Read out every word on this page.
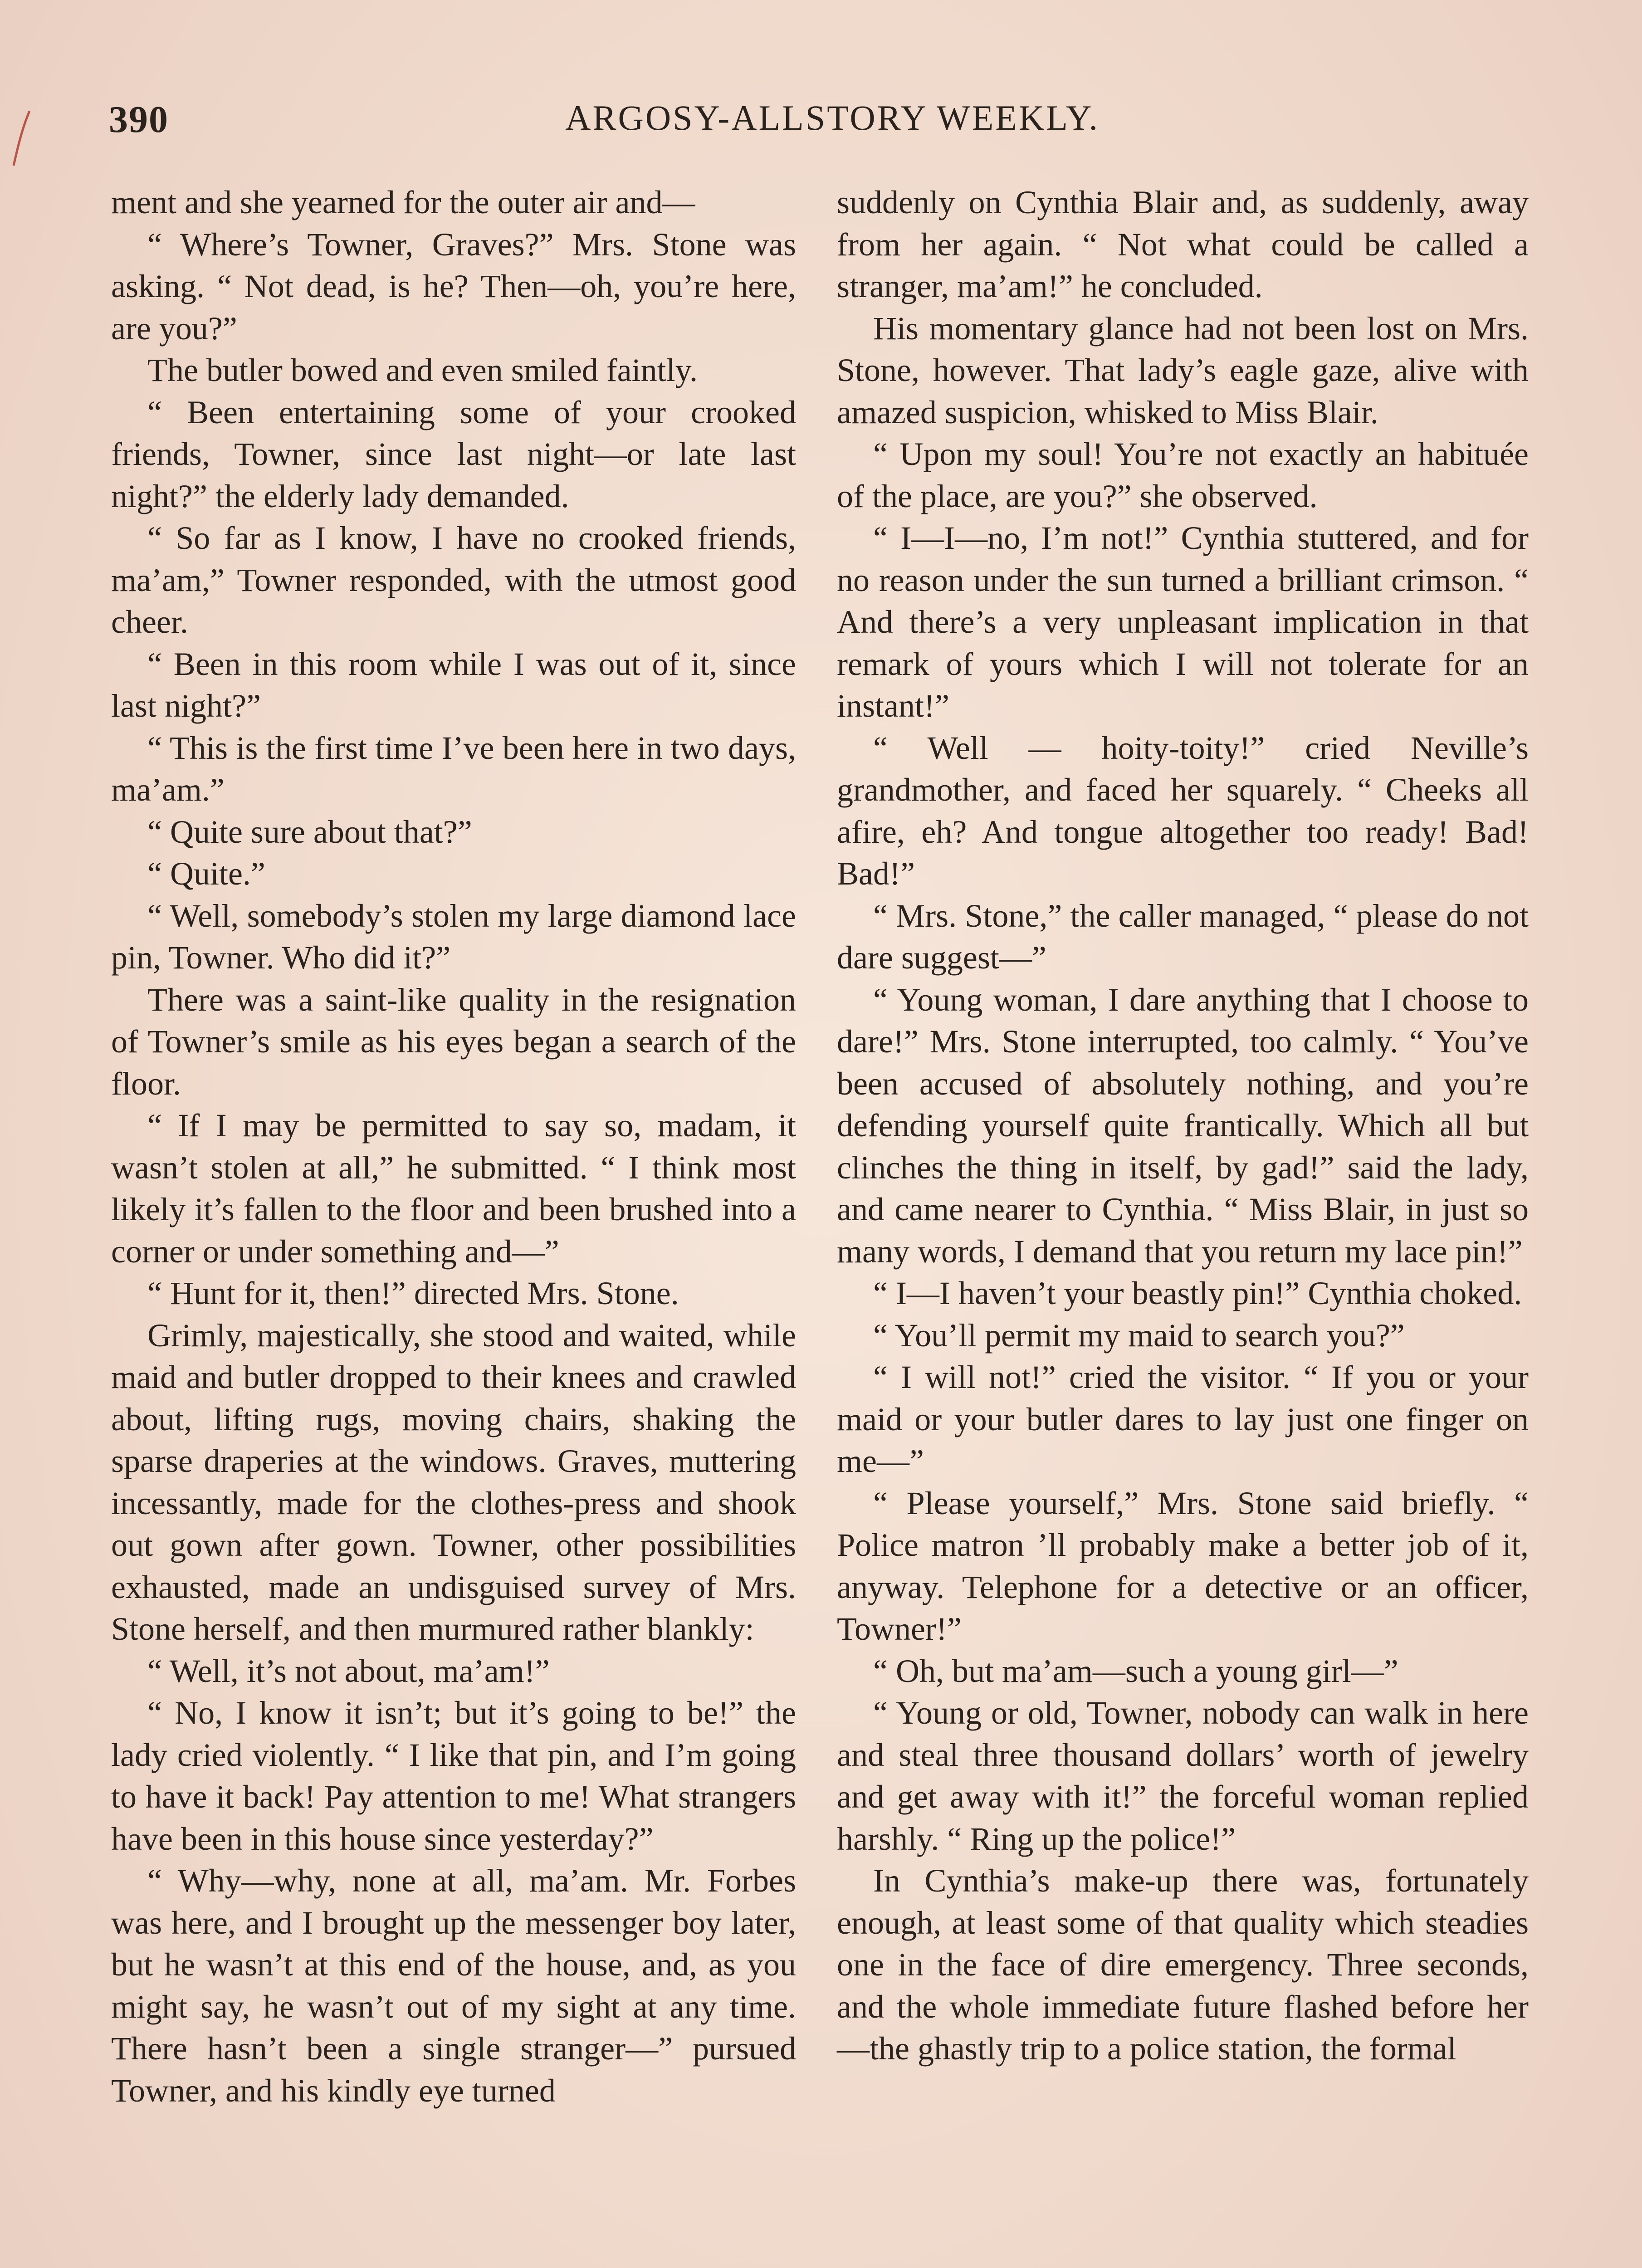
390	ARGOSY-ALLSTORY WEEKLY.

ment and she yearned for the outer air and—

“ Where’s Towner, Graves?” Mrs. Stone was asking. “ Not dead, is he? Then—oh, you’re here, are you?”

The butler bowed and even smiled faintly.

“ Been entertaining some of your crooked friends, Towner, since last night—or late last night?” the elderly lady demanded.

“ So far as I know, I have no crooked friends, ma’am,” Towner responded, with the utmost good cheer.

“ Been in this room while I was out of it, since last night?”

“ This is the first time I’ve been here in two days, ma’am.”

“ Quite sure about that?”

“ Quite.”

“ Well, somebody’s stolen my large diamond lace pin, Towner. Who did it?”

There was a saint-like quality in the resignation of Towner’s smile as his eyes began a search of the floor.

“ If I may be permitted to say so, madam, it wasn’t stolen at all,” he submitted. “ I think most likely it’s fallen to the floor and been brushed into a corner or under something and—”

“ Hunt for it, then!” directed Mrs. Stone.

Grimly, majestically, she stood and waited, while maid and butler dropped to their knees and crawled about, lifting rugs, moving chairs, shaking the sparse draperies at the windows. Graves, muttering incessantly, made for the clothes-press and shook out gown after gown. Towner, other possibilities exhausted, made an undisguised survey of Mrs. Stone herself, and then murmured rather blankly:

“ Well, it’s not about, ma’am!”

“ No, I know it isn’t; but it’s going to be!” the lady cried violently. “ I like that pin, and I’m going to have it back! Pay attention to me! What strangers have been in this house since yesterday?”

“ Why—why, none at all, ma’am. Mr. Forbes was here, and I brought up the messenger boy later, but he wasn’t at this end of the house, and, as you might say, he wasn’t out of my sight at any time. There hasn’t been a single stranger—” pursued Towner, and his kindly eye turned

suddenly on Cynthia Blair and, as suddenly, away from her again. “ Not what could be called a stranger, ma’am!” he concluded.

His momentary glance had not been lost on Mrs. Stone, however. That lady’s eagle gaze, alive with amazed suspicion, whisked to Miss Blair.

“ Upon my soul! You’re not exactly an habituée of the place, are you?” she observed.

“ I—I—no, I’m not!” Cynthia stuttered, and for no reason under the sun turned a brilliant crimson. “ And there’s a very unpleasant implication in that remark of yours which I will not tolerate for an instant!”

“ Well — hoity-toity!” cried Neville’s grandmother, and faced her squarely. “ Cheeks all afire, eh? And tongue altogether too ready! Bad! Bad!”

“ Mrs. Stone,” the caller managed, “ please do not dare suggest—”

“ Young woman, I dare anything that I choose to dare!” Mrs. Stone interrupted, too calmly. “ You’ve been accused of absolutely nothing, and you’re defending yourself quite frantically. Which all but clinches the thing in itself, by gad!” said the lady, and came nearer to Cynthia. “ Miss Blair, in just so many words, I demand that you return my lace pin!”

“ I—I haven’t your beastly pin!” Cynthia choked.

“ You’ll permit my maid to search you?”

“ I will not!” cried the visitor. “ If you or your maid or your butler dares to lay just one finger on me—”

“ Please yourself,” Mrs. Stone said briefly. “ Police matron ’ll probably make a better job of it, anyway. Telephone for a detective or an officer, Towner!”

“ Oh, but ma’am—such a young girl—”

“ Young or old, Towner, nobody can walk in here and steal three thousand dollars’ worth of jewelry and get away with it!” the forceful woman replied harshly. “ Ring up the police!”

In Cynthia’s make-up there was, fortunately enough, at least some of that quality which steadies one in the face of dire emergency. Three seconds, and the whole immediate future flashed before her—the ghastly trip to a police station, the formal
